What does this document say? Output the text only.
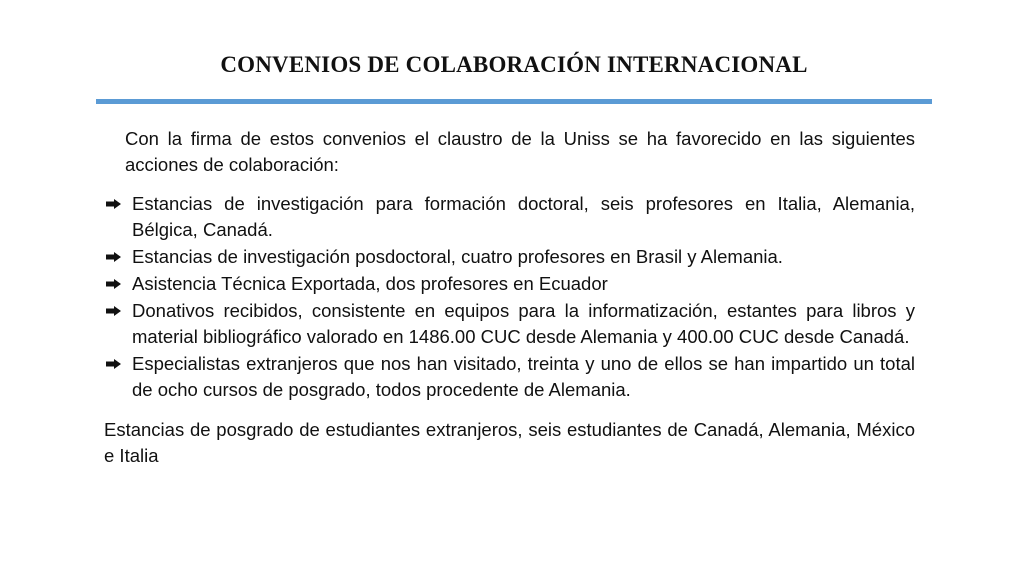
CONVENIOS DE COLABORACIÓN INTERNACIONAL

Con la firma de estos convenios el claustro de la Uniss se ha favorecido en las siguientes acciones de colaboración:

Estancias de investigación para formación doctoral, seis profesores en Italia, Alemania, Bélgica, Canadá.
Estancias de investigación posdoctoral, cuatro profesores en Brasil y Alemania.
Asistencia Técnica Exportada, dos profesores en Ecuador
Donativos recibidos, consistente en equipos para la informatización, estantes para libros y material bibliográfico valorado en 1486.00 CUC desde Alemania y 400.00 CUC desde Canadá.
Especialistas extranjeros que nos han visitado, treinta y uno de ellos se han impartido un total de ocho cursos de posgrado, todos procedente de Alemania.

Estancias de posgrado de estudiantes extranjeros, seis estudiantes de Canadá, Alemania, México e Italia
